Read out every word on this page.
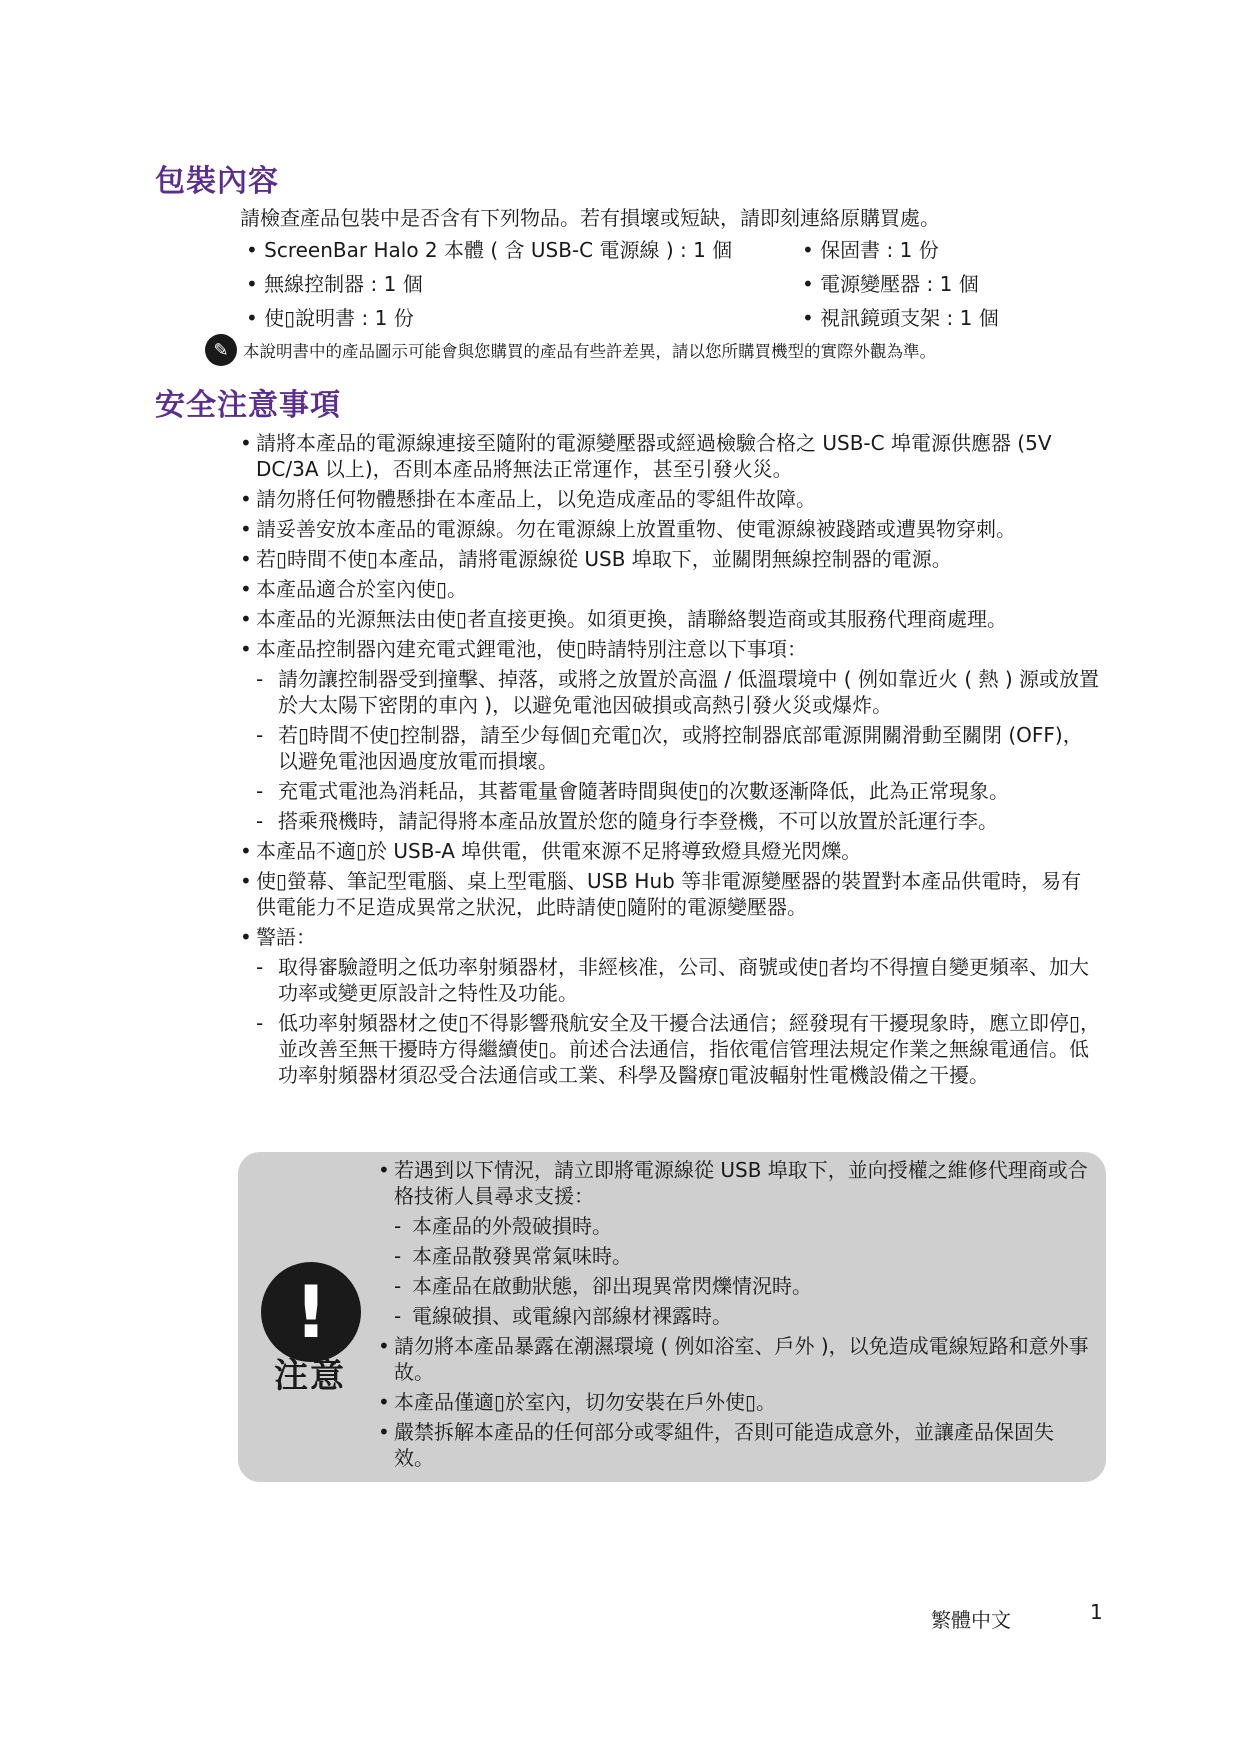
包裝內容
請檢查產品包裝中是否含有下列物品。若有損壞或短缺，請即刻連絡原購買處。
• ScreenBar Halo 2 本體 ( 含 USB-C 電源線 ) : 1 個
• 無線控制器 : 1 個
• 使▯說明書 : 1 份
• 保固書 : 1 份
• 電源變壓器 : 1 個
• 視訊鏡頭支架 : 1 個
✎ 本說明書中的產品圖示可能會與您購買的產品有些許差異，請以您所購買機型的實際外觀為準。
安全注意事項
• 請將本產品的電源線連接至隨附的電源變壓器或經過檢驗合格之 USB-C 埠電源供應器 (5V DC/3A 以上)，否則本產品將無法正常運作，甚至引發火災。
• 請勿將任何物體懸掛在本產品上，以免造成產品的零組件故障。
• 請妥善安放本產品的電源線。勿在電源線上放置重物、使電源線被踐踏或遭異物穿刺。
• 若▯時間不使▯本產品，請將電源線從 USB 埠取下，並關閉無線控制器的電源。
• 本產品適合於室內使▯。
• 本產品的光源無法由使▯者直接更換。如須更換，請聯絡製造商或其服務代理商處理。
• 本產品控制器內建充電式鋰電池，使▯時請特別注意以下事項：
- 請勿讓控制器受到撞擊、掉落，或將之放置於高溫 / 低溫環境中 ( 例如靠近火 ( 熱 ) 源或放置於大太陽下密閉的車內 )，以避免電池因破損或高熱引發火災或爆炸。
- 若▯時間不使▯控制器，請至少每個▯充電▯次，或將控制器底部電源開關滑動至關閉 (OFF)，以避免電池因過度放電而損壞。
- 充電式電池為消耗品，其蓄電量會隨著時間與使▯的次數逐漸降低，此為正常現象。
- 搭乘飛機時，請記得將本產品放置於您的隨身行李登機，不可以放置於託運行李。
• 本產品不適▯於 USB-A 埠供電，供電來源不足將導致燈具燈光閃爍。
• 使▯螢幕、筆記型電腦、桌上型電腦、USB Hub 等非電源變壓器的裝置對本產品供電時，易有供電能力不足造成異常之狀況，此時請使▯隨附的電源變壓器。
• 警語：
- 取得審驗證明之低功率射頻器材，非經核准，公司、商號或使▯者均不得擅自變更頻率、加大功率或變更原設計之特性及功能。
- 低功率射頻器材之使▯不得影響飛航安全及干擾合法通信；經發現有干擾現象時，應立即停▯，並改善至無干擾時方得繼續使▯。前述合法通信，指依電信管理法規定作業之無線電通信。低功率射頻器材須忍受合法通信或工業、科學及醫療▯電波輻射性電機設備之干擾。
!
注意
• 若遇到以下情況，請立即將電源線從 USB 埠取下，並向授權之維修代理商或合格技術人員尋求支援：
- 本產品的外殼破損時。
- 本產品散發異常氣味時。
- 本產品在啟動狀態，卻出現異常閃爍情況時。
- 電線破損、或電線內部線材裸露時。
• 請勿將本產品暴露在潮濕環境 ( 例如浴室、戶外 )，以免造成電線短路和意外事故。
• 本產品僅適▯於室內，切勿安裝在戶外使▯。
• 嚴禁拆解本產品的任何部分或零組件，否則可能造成意外，並讓產品保固失效。
繁體中文	1
